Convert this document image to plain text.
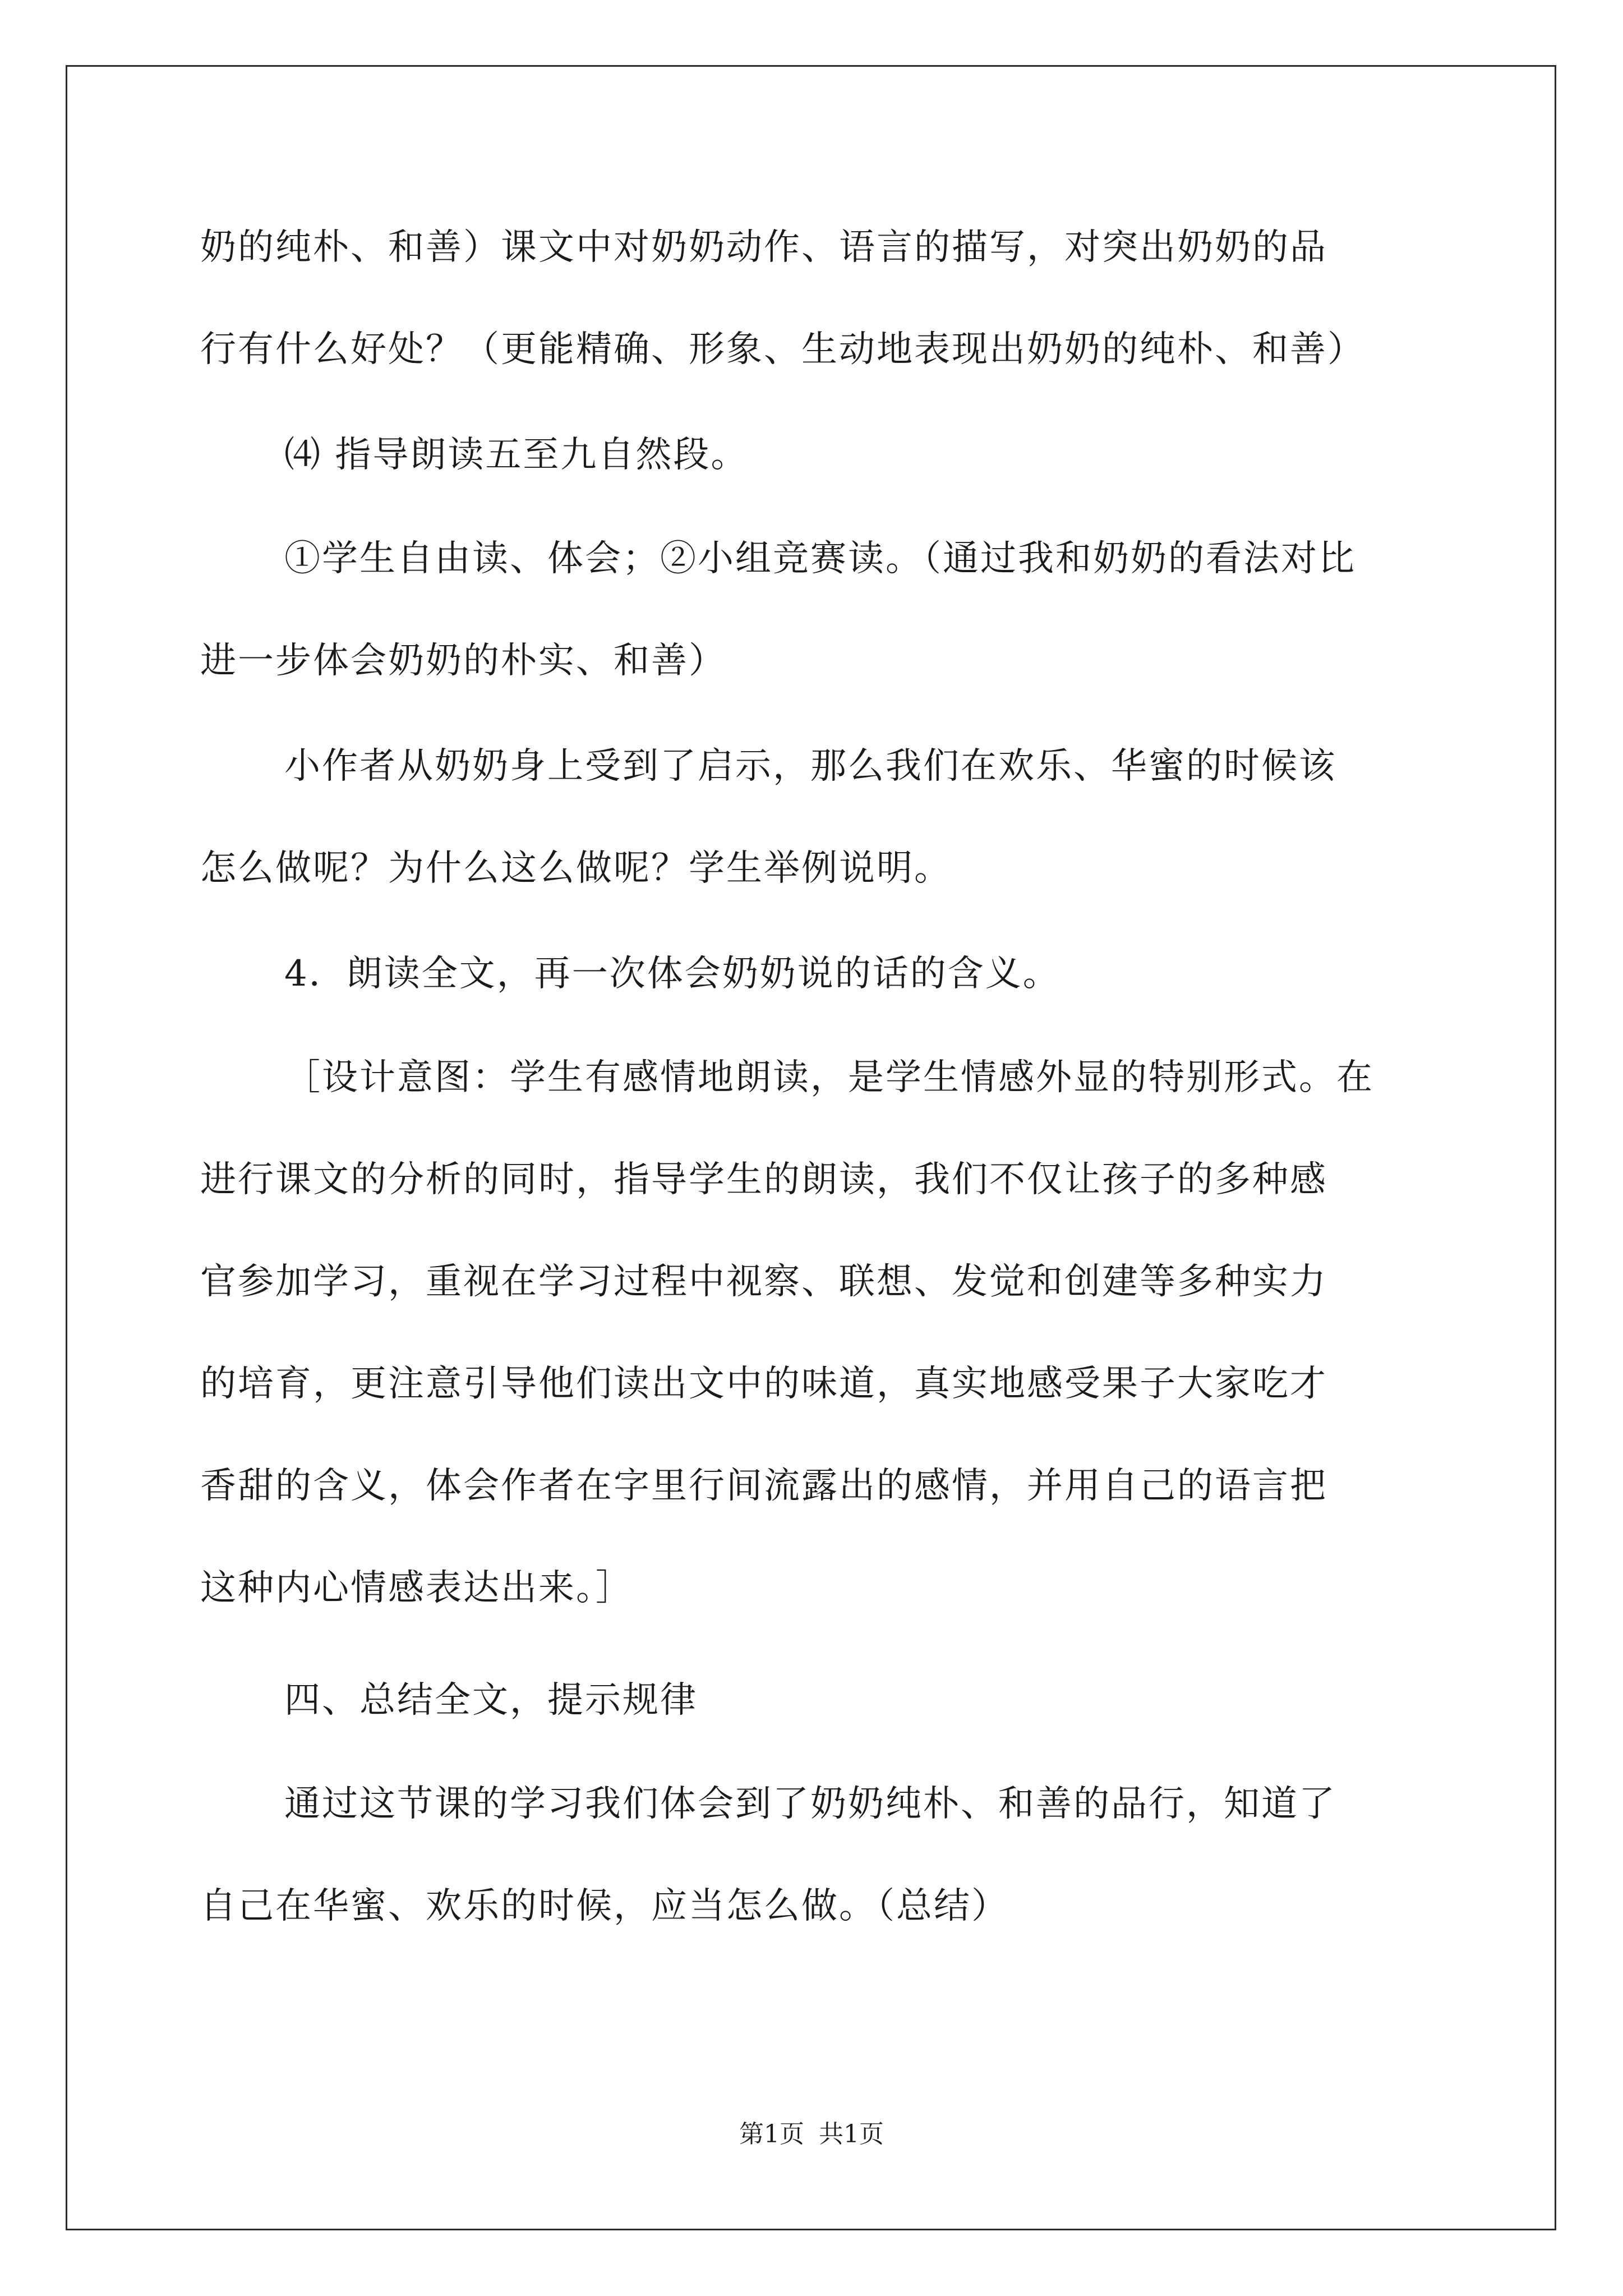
奶的纯朴、和善）课文中对奶奶动作、语言的描写，对突出奶奶的品
行有什么好处？（更能精确、形象、生动地表现出奶奶的纯朴、和善）

⑷ 指导朗读五至九自然段。

①学生自由读、体会；②小组竞赛读。（通过我和奶奶的看法对比
进一步体会奶奶的朴实、和善）

小作者从奶奶身上受到了启示，那么我们在欢乐、华蜜的时候该
怎么做呢？为什么这么做呢？学生举例说明。

4．朗读全文，再一次体会奶奶说的话的含义。

［设计意图：学生有感情地朗读，是学生情感外显的特别形式。在
进行课文的分析的同时，指导学生的朗读，我们不仅让孩子的多种感
官参加学习，重视在学习过程中视察、联想、发觉和创建等多种实力
的培育，更注意引导他们读出文中的味道，真实地感受果子大家吃才
香甜的含义，体会作者在字里行间流露出的感情，并用自己的语言把
这种内心情感表达出来。］

四、总结全文，提示规律

通过这节课的学习我们体会到了奶奶纯朴、和善的品行，知道了
自己在华蜜、欢乐的时候，应当怎么做。（总结）

第1页 共1页
